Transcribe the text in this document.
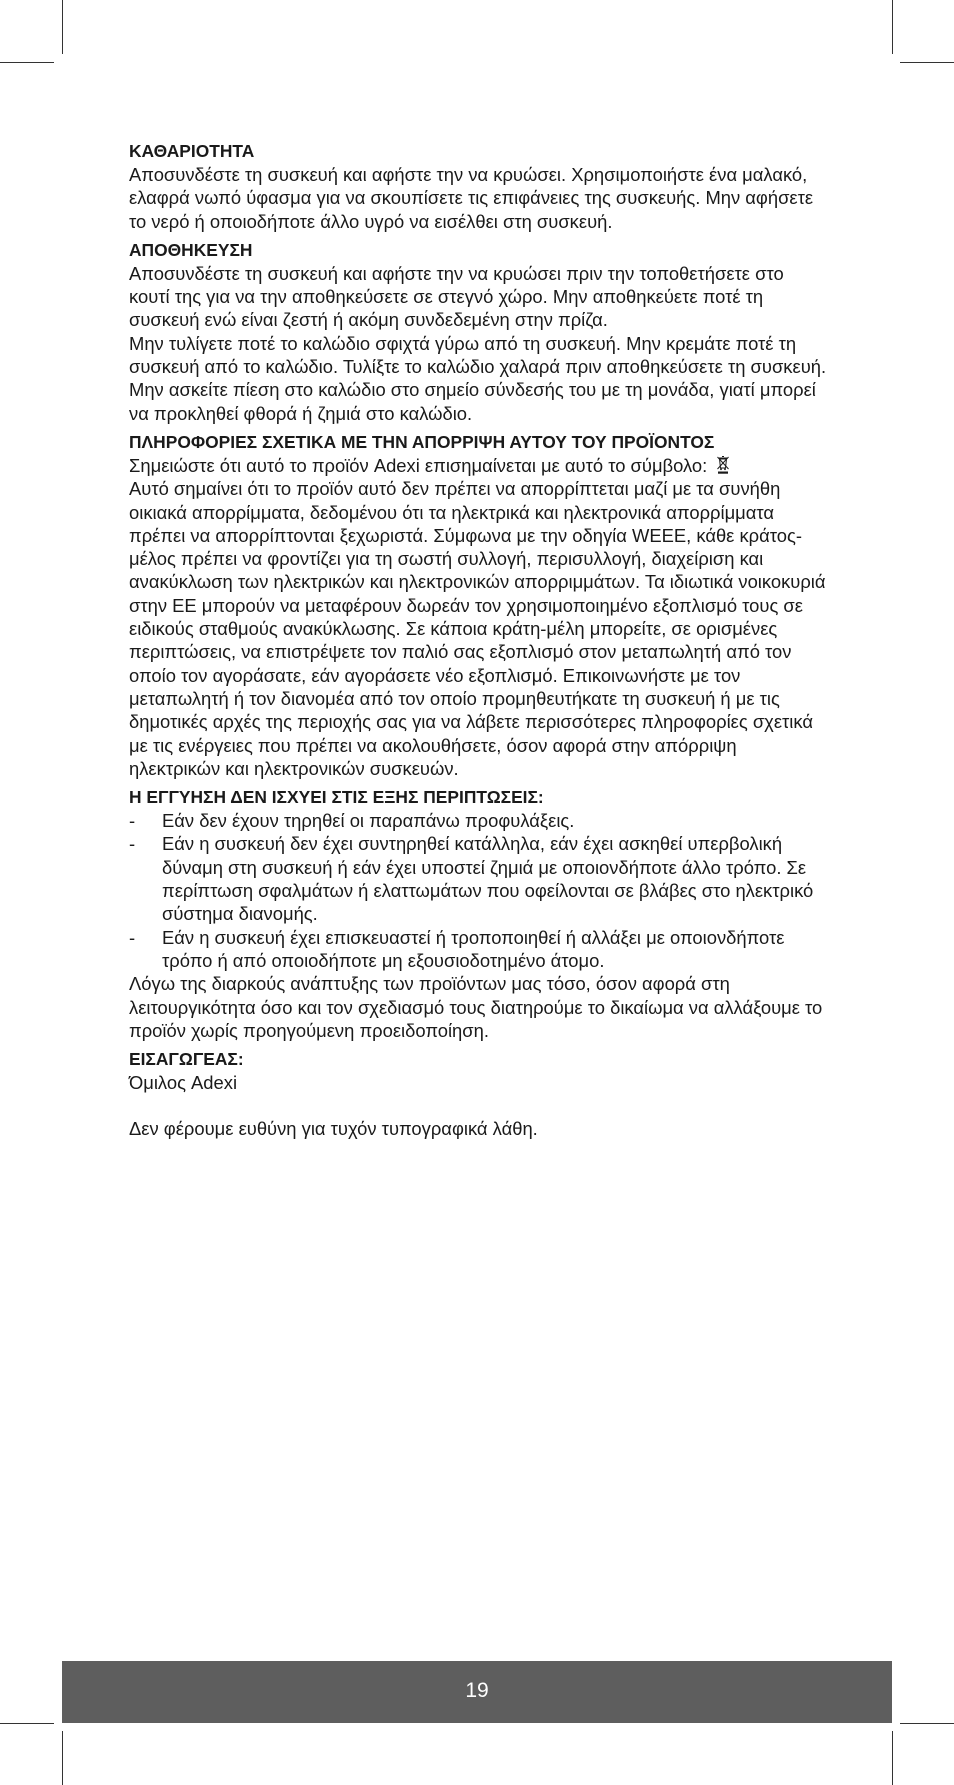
ΚΑΘΑΡΙΟΤΗΤΑ

Αποσυνδέστε τη συσκευή και αφήστε την να κρυώσει. Χρησιμοποιήστε ένα μαλακό, ελαφρά νωπό ύφασμα για να σκουπίσετε τις επιφάνειες της συσκευής. Μην αφήσετε το νερό ή οποιοδήποτε άλλο υγρό να εισέλθει στη συσκευή.

ΑΠΟΘΗΚΕΥΣΗ

Αποσυνδέστε τη συσκευή και αφήστε την να κρυώσει πριν την τοποθετήσετε στο κουτί της για να την αποθηκεύσετε σε στεγνό χώρο. Μην αποθηκεύετε ποτέ τη συσκευή ενώ είναι ζεστή ή ακόμη συνδεδεμένη στην πρίζα.

Μην τυλίγετε ποτέ το καλώδιο σφιχτά γύρω από τη συσκευή. Μην κρεμάτε ποτέ τη συσκευή από το καλώδιο. Τυλίξτε το καλώδιο χαλαρά πριν αποθηκεύσετε τη συσκευή. Μην ασκείτε πίεση στο καλώδιο στο σημείο σύνδεσής του με τη μονάδα, γιατί μπορεί να προκληθεί φθορά ή ζημιά στο καλώδιο.

ΠΛΗΡΟΦΟΡΙΕΣ ΣΧΕΤΙΚΑ ΜΕ ΤΗΝ ΑΠΟΡΡΙΨΗ ΑΥΤΟΥ ΤΟΥ ΠΡΟΪΟΝΤΟΣ

Σημειώστε ότι αυτό το προϊόν Adexi επισημαίνεται με αυτό το σύμβολο:

Αυτό σημαίνει ότι το προϊόν αυτό δεν πρέπει να απορρίπτεται μαζί με τα συνήθη οικιακά απορρίμματα, δεδομένου ότι τα ηλεκτρικά και ηλεκτρονικά απορρίμματα πρέπει να απορρίπτονται ξεχωριστά. Σύμφωνα με την οδηγία WEEE, κάθε κράτος-μέλος πρέπει να φροντίζει για τη σωστή συλλογή, περισυλλογή, διαχείριση και ανακύκλωση των ηλεκτρικών και ηλεκτρονικών απορριμμάτων. Τα ιδιωτικά νοικοκυριά στην ΕΕ μπορούν να μεταφέρουν δωρεάν τον χρησιμοποιημένο εξοπλισμό τους σε ειδικούς σταθμούς ανακύκλωσης. Σε κάποια κράτη-μέλη μπορείτε, σε ορισμένες περιπτώσεις, να επιστρέψετε τον παλιό σας εξοπλισμό στον μεταπωλητή από τον οποίο τον αγοράσατε, εάν αγοράσετε νέο εξοπλισμό. Επικοινωνήστε με τον μεταπωλητή ή τον διανομέα από τον οποίο προμηθευτήκατε τη συσκευή ή με τις δημοτικές αρχές της περιοχής σας για να λάβετε περισσότερες πληροφορίες σχετικά με τις ενέργειες που πρέπει να ακολουθήσετε, όσον αφορά στην απόρριψη ηλεκτρικών και ηλεκτρονικών συσκευών.

Η ΕΓΓΥΗΣΗ ΔΕΝ ΙΣΧΥΕΙ ΣΤΙΣ ΕΞΗΣ ΠΕΡΙΠΤΩΣΕΙΣ:
- Εάν δεν έχουν τηρηθεί οι παραπάνω προφυλάξεις.
- Εάν η συσκευή δεν έχει συντηρηθεί κατάλληλα, εάν έχει ασκηθεί υπερβολική δύναμη στη συσκευή ή εάν έχει υποστεί ζημιά με οποιονδήποτε άλλο τρόπο. Σε περίπτωση σφαλμάτων ή ελαττωμάτων που οφείλονται σε βλάβες στο ηλεκτρικό σύστημα διανομής.
- Εάν η συσκευή έχει επισκευαστεί ή τροποποιηθεί ή αλλάξει με οποιονδήποτε τρόπο ή από οποιοδήποτε μη εξουσιοδοτημένο άτομο.

Λόγω της διαρκούς ανάπτυξης των προϊόντων μας τόσο, όσον αφορά στη λειτουργικότητα όσο και τον σχεδιασμό τους διατηρούμε το δικαίωμα να αλλάξουμε το προϊόν χωρίς προηγούμενη προειδοποίηση.

ΕΙΣΑΓΩΓΕΑΣ:

Όμιλος Adexi

Δεν φέρουμε ευθύνη για τυχόν τυπογραφικά λάθη.

19
